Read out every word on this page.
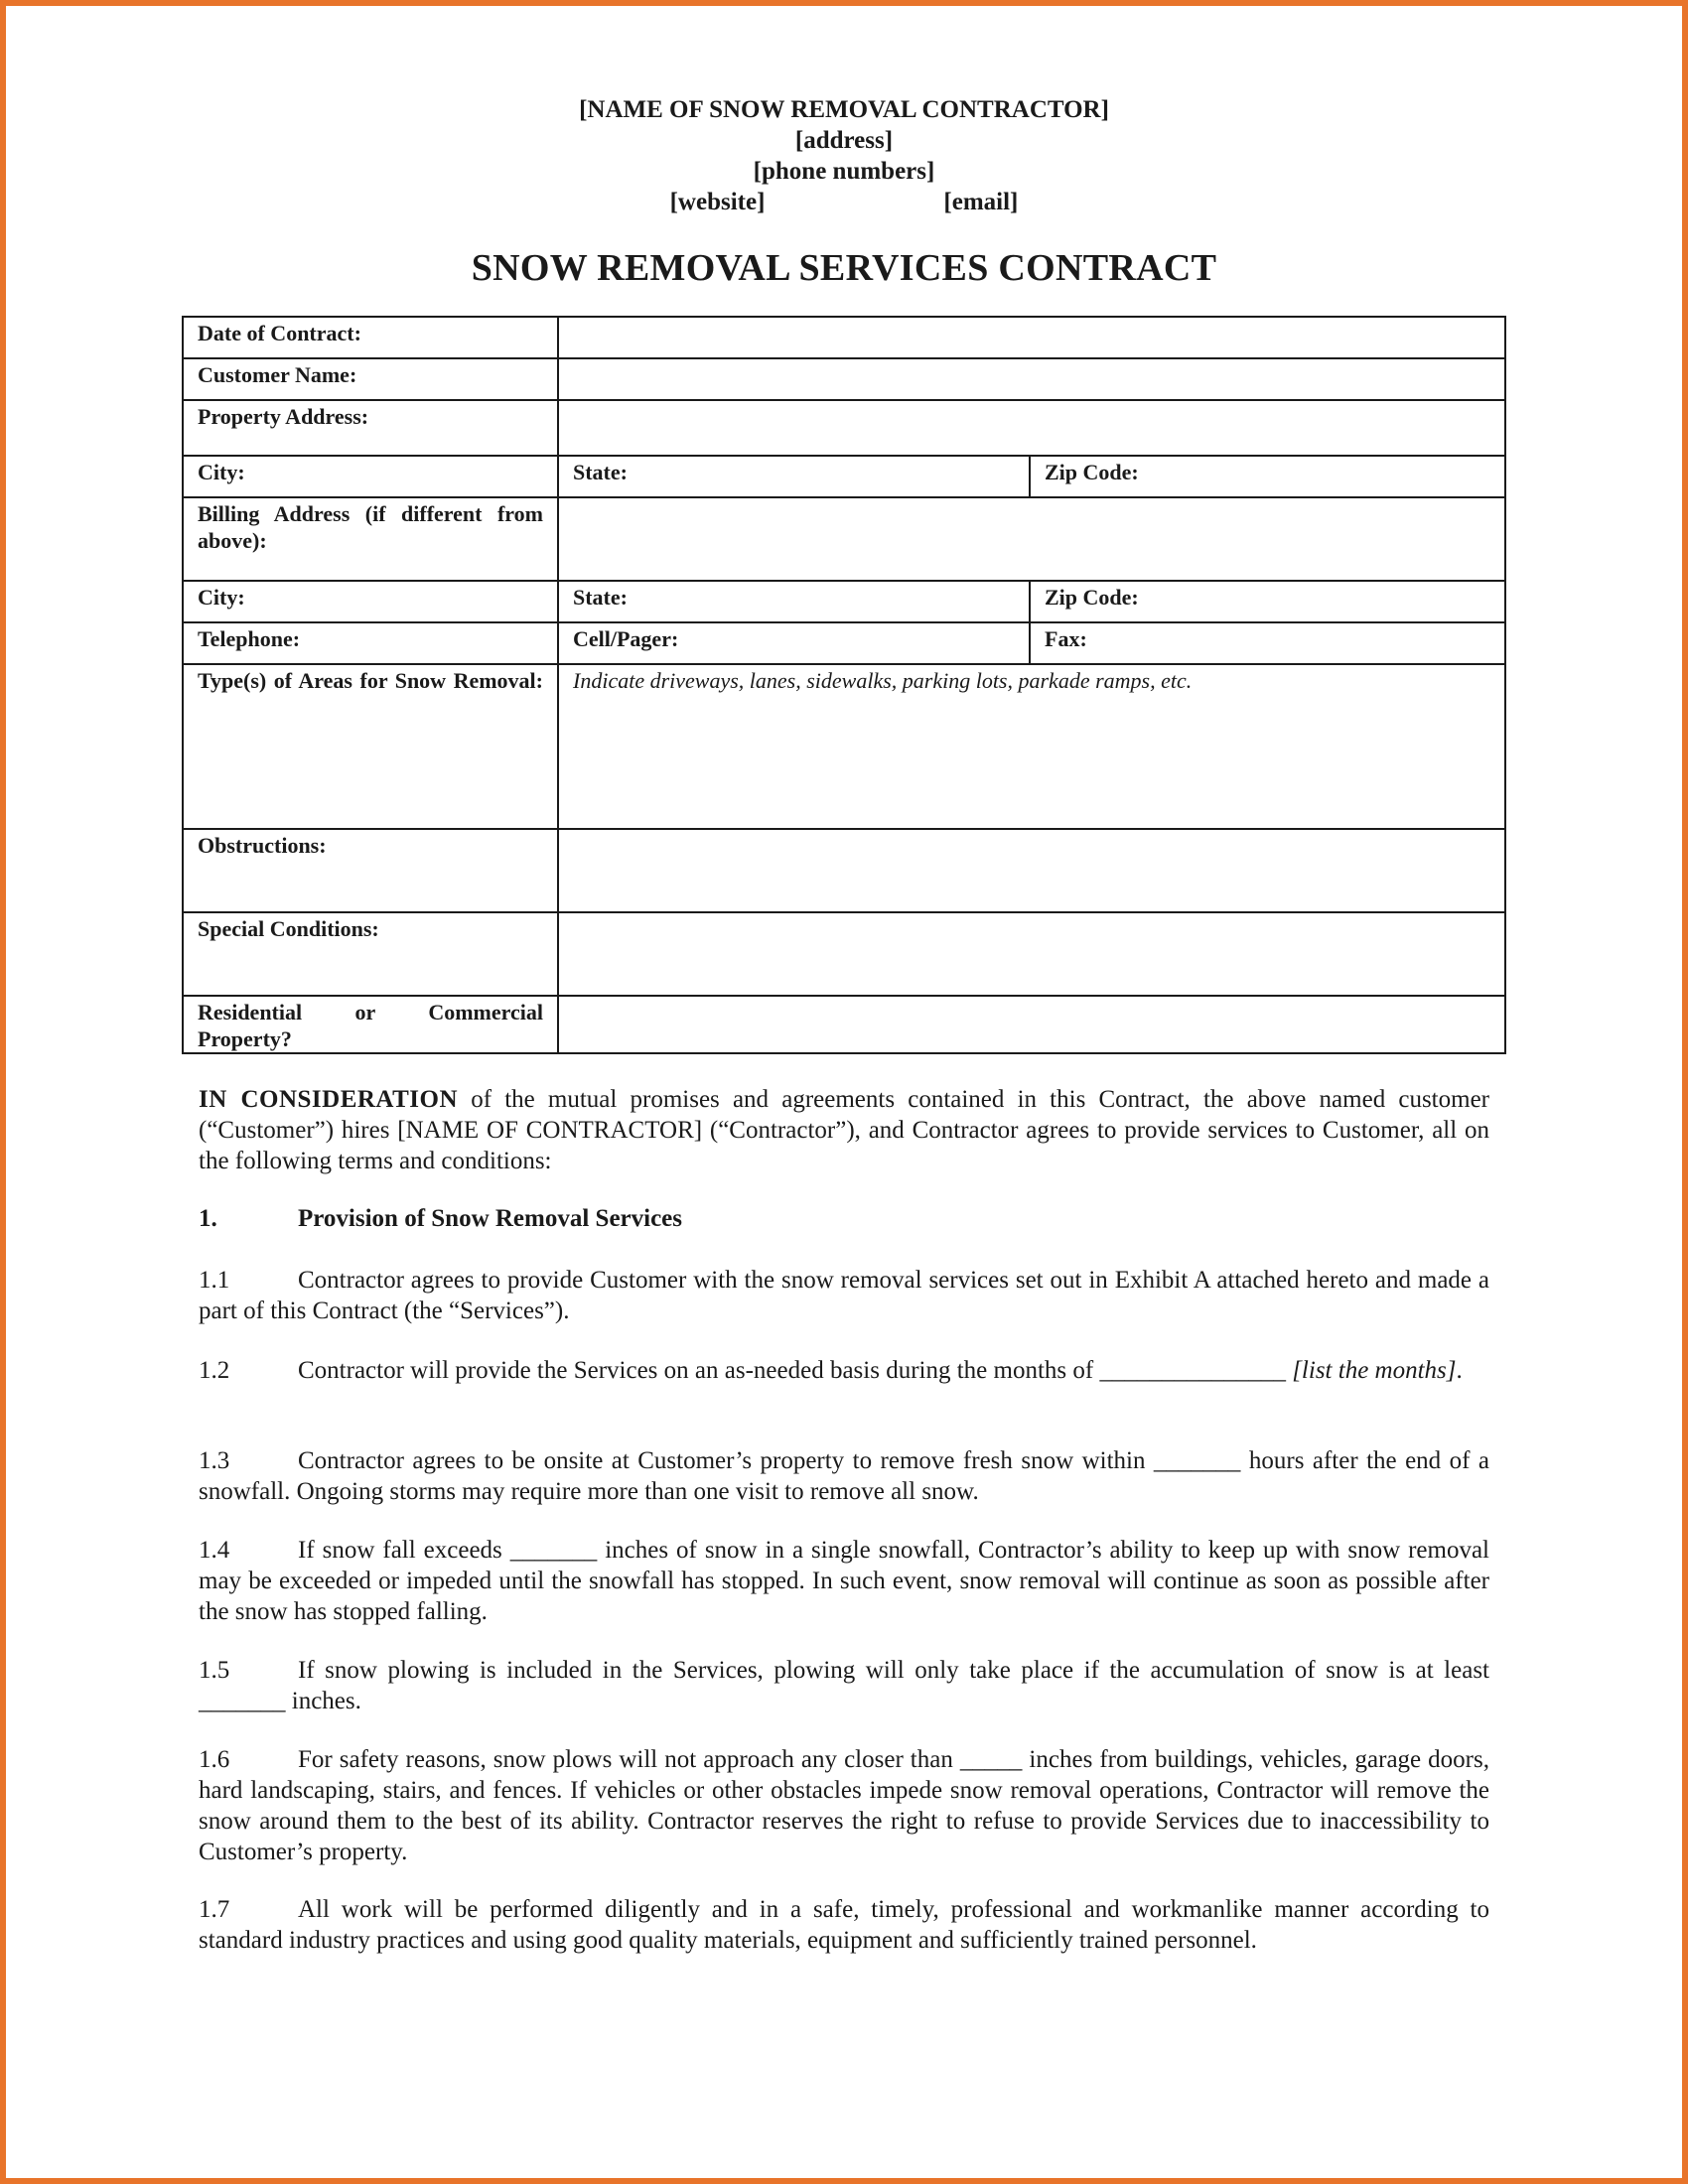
[NAME OF SNOW REMOVAL CONTRACTOR]
[address]
[phone numbers]
[website]	[email]
SNOW REMOVAL SERVICES CONTRACT
Date of Contract:		
Customer Name:		
Property Address:		
City:	State:	Zip Code:
Billing Address (if different from above):		
City:	State:	Zip Code:
Telephone:	Cell/Pager:	Fax:
Type(s) of Areas for Snow Removal:	Indicate driveways, lanes, sidewalks, parking lots, parkade ramps, etc.	
Obstructions:		
Special Conditions:		
Residential or Commercial Property?		
IN CONSIDERATION of the mutual promises and agreements contained in this Contract, the above named customer (“Customer”) hires [NAME OF CONTRACTOR] (“Contractor”), and Contractor agrees to provide services to Customer, all on the following terms and conditions:
1.	Provision of Snow Removal Services
1.1	Contractor agrees to provide Customer with the snow removal services set out in Exhibit A attached hereto and made a part of this Contract (the “Services”).
1.2	Contractor will provide the Services on an as-needed basis during the months of _______________ [list the months].
1.3	Contractor agrees to be onsite at Customer’s property to remove fresh snow within _______ hours after the end of a snowfall. Ongoing storms may require more than one visit to remove all snow.
1.4	If snow fall exceeds _______ inches of snow in a single snowfall, Contractor’s ability to keep up with snow removal may be exceeded or impeded until the snowfall has stopped. In such event, snow removal will continue as soon as possible after the snow has stopped falling.
1.5	If snow plowing is included in the Services, plowing will only take place if the accumulation of snow is at least _______ inches.
1.6	For safety reasons, snow plows will not approach any closer than _____ inches from buildings, vehicles, garage doors, hard landscaping, stairs, and fences. If vehicles or other obstacles impede snow removal operations, Contractor will remove the snow around them to the best of its ability. Contractor reserves the right to refuse to provide Services due to inaccessibility to Customer’s property.
1.7	All work will be performed diligently and in a safe, timely, professional and workmanlike manner according to standard industry practices and using good quality materials, equipment and sufficiently trained personnel.
